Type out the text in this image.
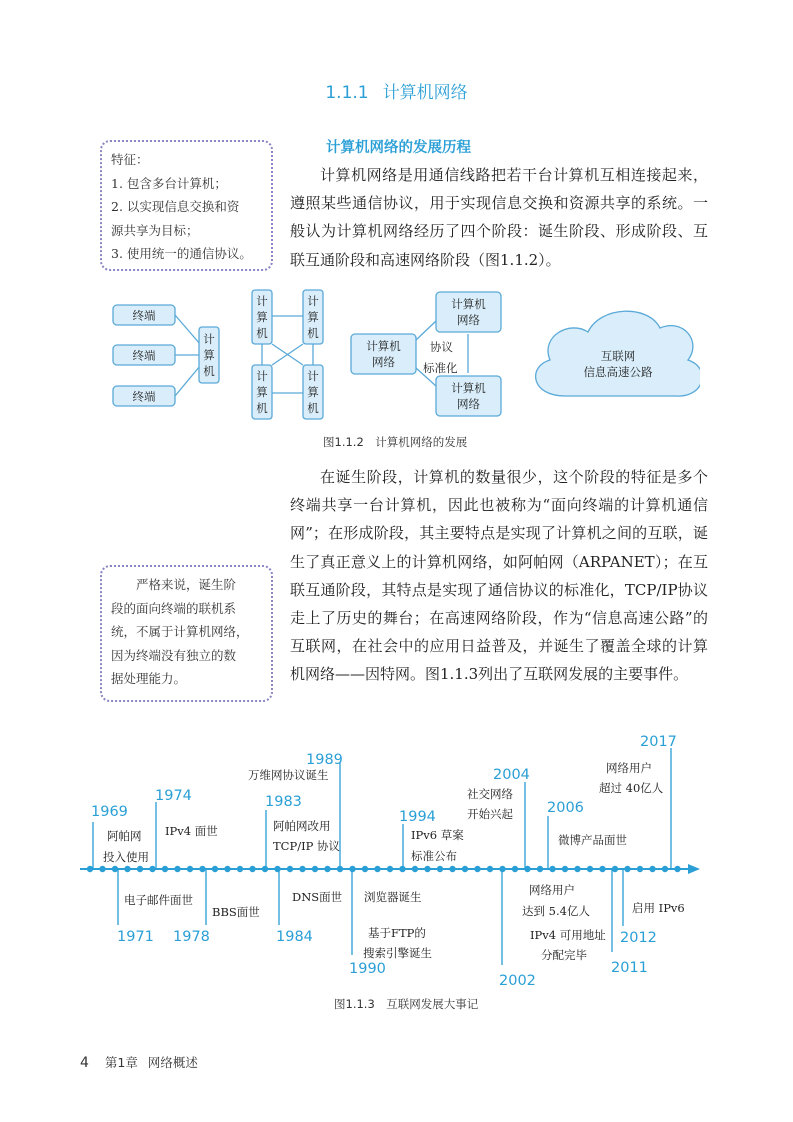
1.1.1 计算机网络
计算机网络的发展历程
特征：
1. 包含多台计算机；
2. 以实现信息交换和资
源共享为目标；
3. 使用统一的通信协议。

计算机网络是用通信线路把若干台计算机互相连接起来，遵照某些通信协议，用于实现信息交换和资源共享的系统。一般认为计算机网络经历了四个阶段：诞生阶段、形成阶段、互联互通阶段和高速网络阶段（图1.1.2）。

终端
终端
终端
计
算
机
计
算
机
计
算
机
计
算
机
计
算
机
计算机
网络
计算机
网络
计算机
网络
协议
标准化
互联网
信息高速公路
图1.1.2　计算机网络的发展
严格来说，诞生阶
段的面向终端的联机系
统，不属于计算机网络，
因为终端没有独立的数
据处理能力。

在诞生阶段，计算机的数量很少，这个阶段的特征是多个终端共享一台计算机，因此也被称为“面向终端的计算机通信网”；在形成阶段，其主要特点是实现了计算机之间的互联，诞生了真正意义上的计算机网络，如阿帕网（ARPANET）；在互联互通阶段，其特点是实现了通信协议的标准化，TCP/IP协议走上了历史的舞台；在高速网络阶段，作为“信息高速公路”的互联网，在社会中的应用日益普及，并诞生了覆盖全球的计算机网络——因特网。图1.1.3列出了互联网发展的主要事件。

1969
阿帕网
投入使用
1974
IPv4 面世
1971
电子邮件面世
1978
BBS面世
1983
阿帕网改用
TCP/IP 协议
1989
万维网协议诞生
1984
DNS面世
1994
IPv6 草案
标准公布
1990
浏览器诞生
基于FTP的
搜索引擎诞生
2004
社交网络
开始兴起 2006
微博产品面世
2002
网络用户
达到 5.4亿人
2011
IPv4 可用地址
分配完毕
2012
启用 IPv6
2017
网络用户
超过 40亿人
图1.1.3　互联网发展大事记
4 第1章 网络概述
